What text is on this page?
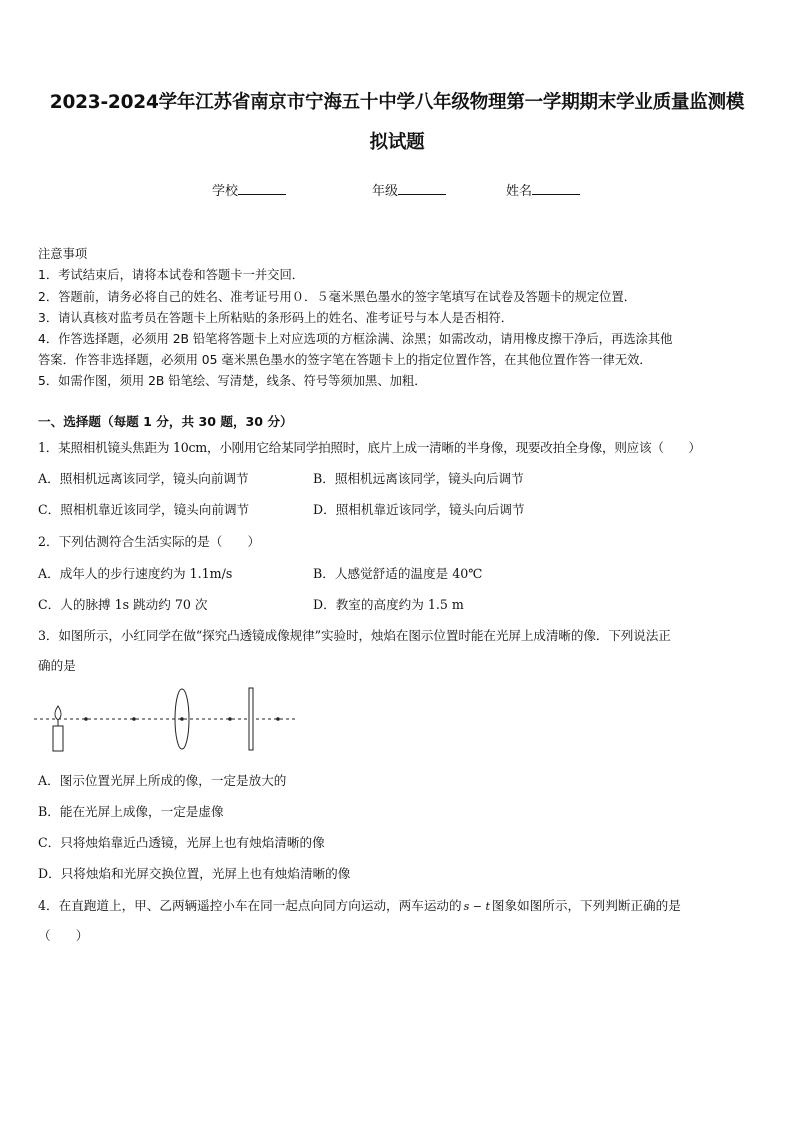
2023-2024学年江苏省南京市宁海五十中学八年级物理第一学期期末学业质量监测模
拟试题
学校	年级	姓名
注意事项
1．考试结束后，请将本试卷和答题卡一并交回．
2．答题前，请务必将自己的姓名、准考证号用０．５毫米黑色墨水的签字笔填写在试卷及答题卡的规定位置．
3．请认真核对监考员在答题卡上所粘贴的条形码上的姓名、准考证号与本人是否相符．
4．作答选择题，必须用 2B 铅笔将答题卡上对应选项的方框涂满、涂黑；如需改动，请用橡皮擦干净后，再选涂其他
答案．作答非选择题，必须用 05 毫米黑色墨水的签字笔在答题卡上的指定位置作答，在其他位置作答一律无效．
5．如需作图，须用 2B 铅笔绘、写清楚，线条、符号等须加黑、加粗．
一、选择题（每题 1 分，共 30 题，30 分）
1．某照相机镜头焦距为 10cm，小刚用它给某同学拍照时，底片上成一清晰的半身像，现要改拍全身像，则应该（　　）
A．照相机远离该同学，镜头向前调节	B．照相机远离该同学，镜头向后调节
C．照相机靠近该同学，镜头向前调节	D．照相机靠近该同学，镜头向后调节
2．下列估测符合生活实际的是（　　）
A．成年人的步行速度约为 1.1m/s	B．人感觉舒适的温度是 40℃
C．人的脉搏 1s 跳动约 70 次	D．教室的高度约为 1.5 m
3．如图所示，小红同学在做“探究凸透镜成像规律”实验时，烛焰在图示位置时能在光屏上成清晰的像．下列说法正
确的是
A．图示位置光屏上所成的像，一定是放大的
B．能在光屏上成像，一定是虚像
C．只将烛焰靠近凸透镜，光屏上也有烛焰清晰的像
D．只将烛焰和光屏交换位置，光屏上也有烛焰清晰的像
4．在直跑道上，甲、乙两辆遥控小车在同一起点向同方向运动，两车运动的 s − t 图象如图所示，下列判断正确的是
（　　）
